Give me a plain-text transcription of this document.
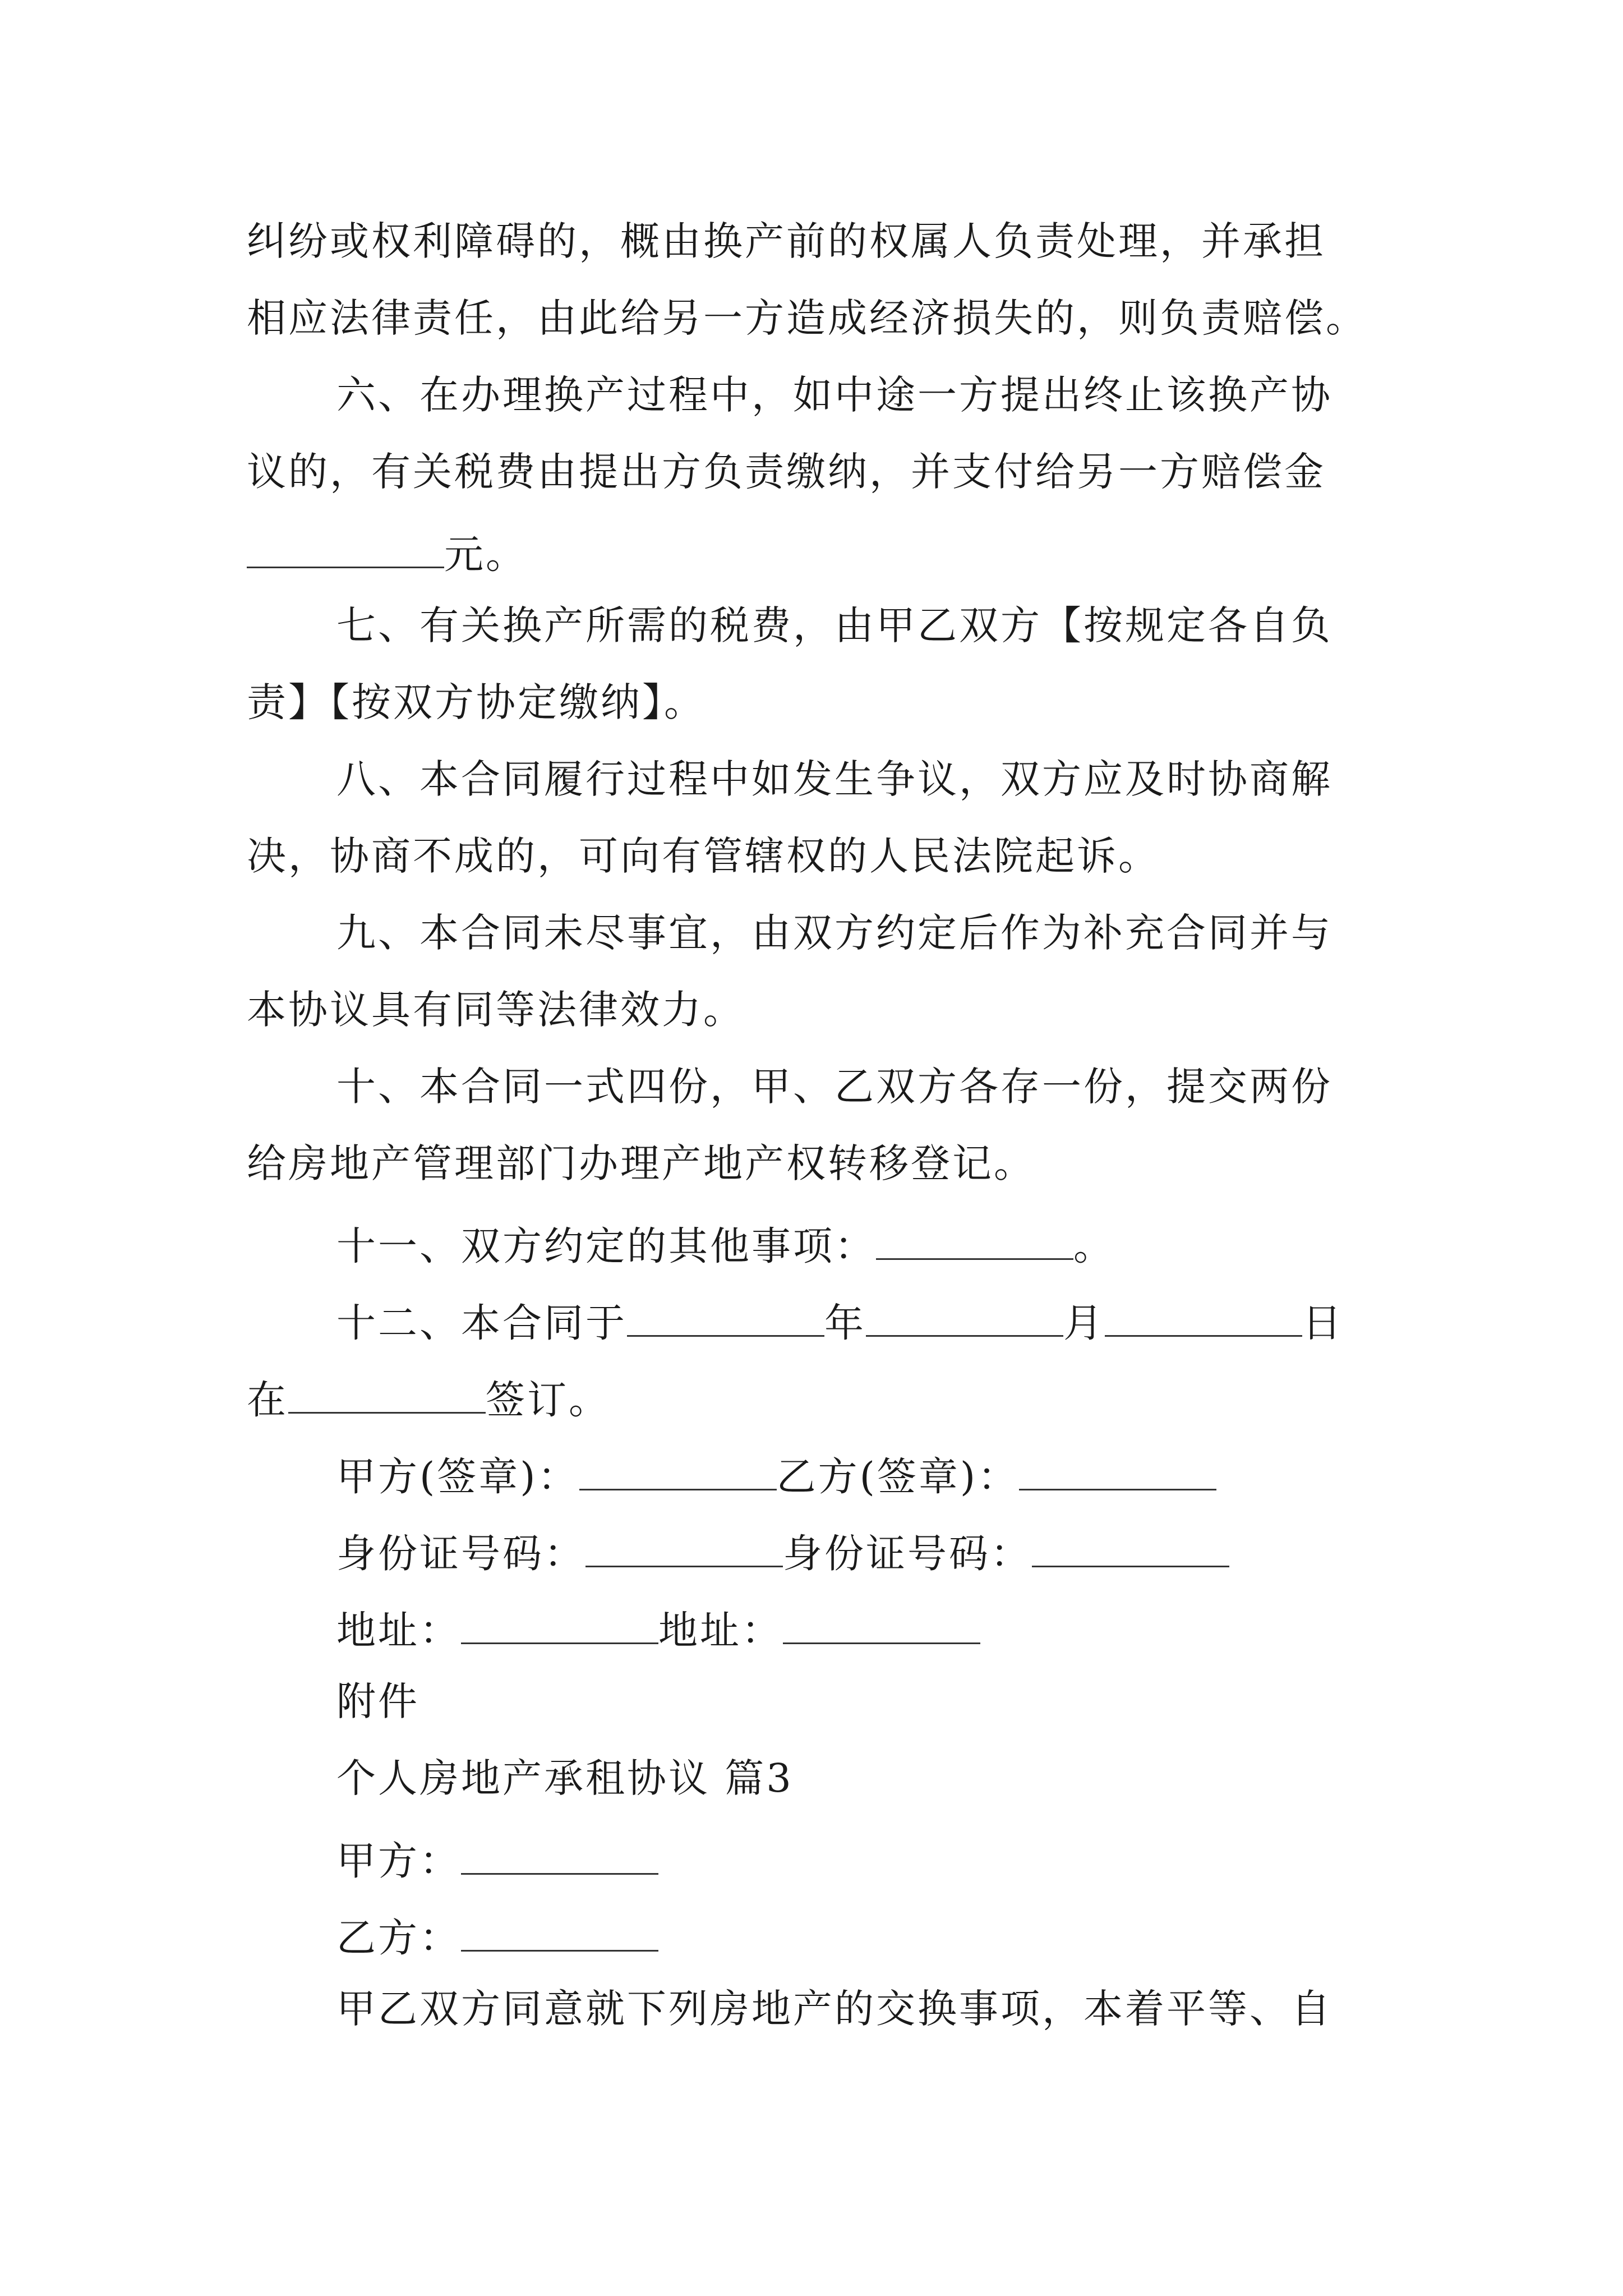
纠纷或权利障碍的，概由换产前的权属人负责处理，并承担
相应法律责任，由此给另一方造成经济损失的，则负责赔偿。
六、在办理换产过程中，如中途一方提出终止该换产协
议的，有关税费由提出方负责缴纳，并支付给另一方赔偿金
元。
七、有关换产所需的税费，由甲乙双方【按规定各自负
责】【按双方协定缴纳】。
八、本合同履行过程中如发生争议，双方应及时协商解
决，协商不成的，可向有管辖权的人民法院起诉。
九、本合同未尽事宜，由双方约定后作为补充合同并与
本协议具有同等法律效力。
十、本合同一式四份，甲、乙双方各存一份，提交两份
给房地产管理部门办理产地产权转移登记。
十一、双方约定的其他事项：	。
十二、本合同于	年	月	日
在	签订。
甲方(签章)：	乙方(签章)：
身份证号码：	身份证号码：
地址：	地址：
附件
个人房地产承租协议 篇3
甲方：
乙方：
甲乙双方同意就下列房地产的交换事项，本着平等、自
